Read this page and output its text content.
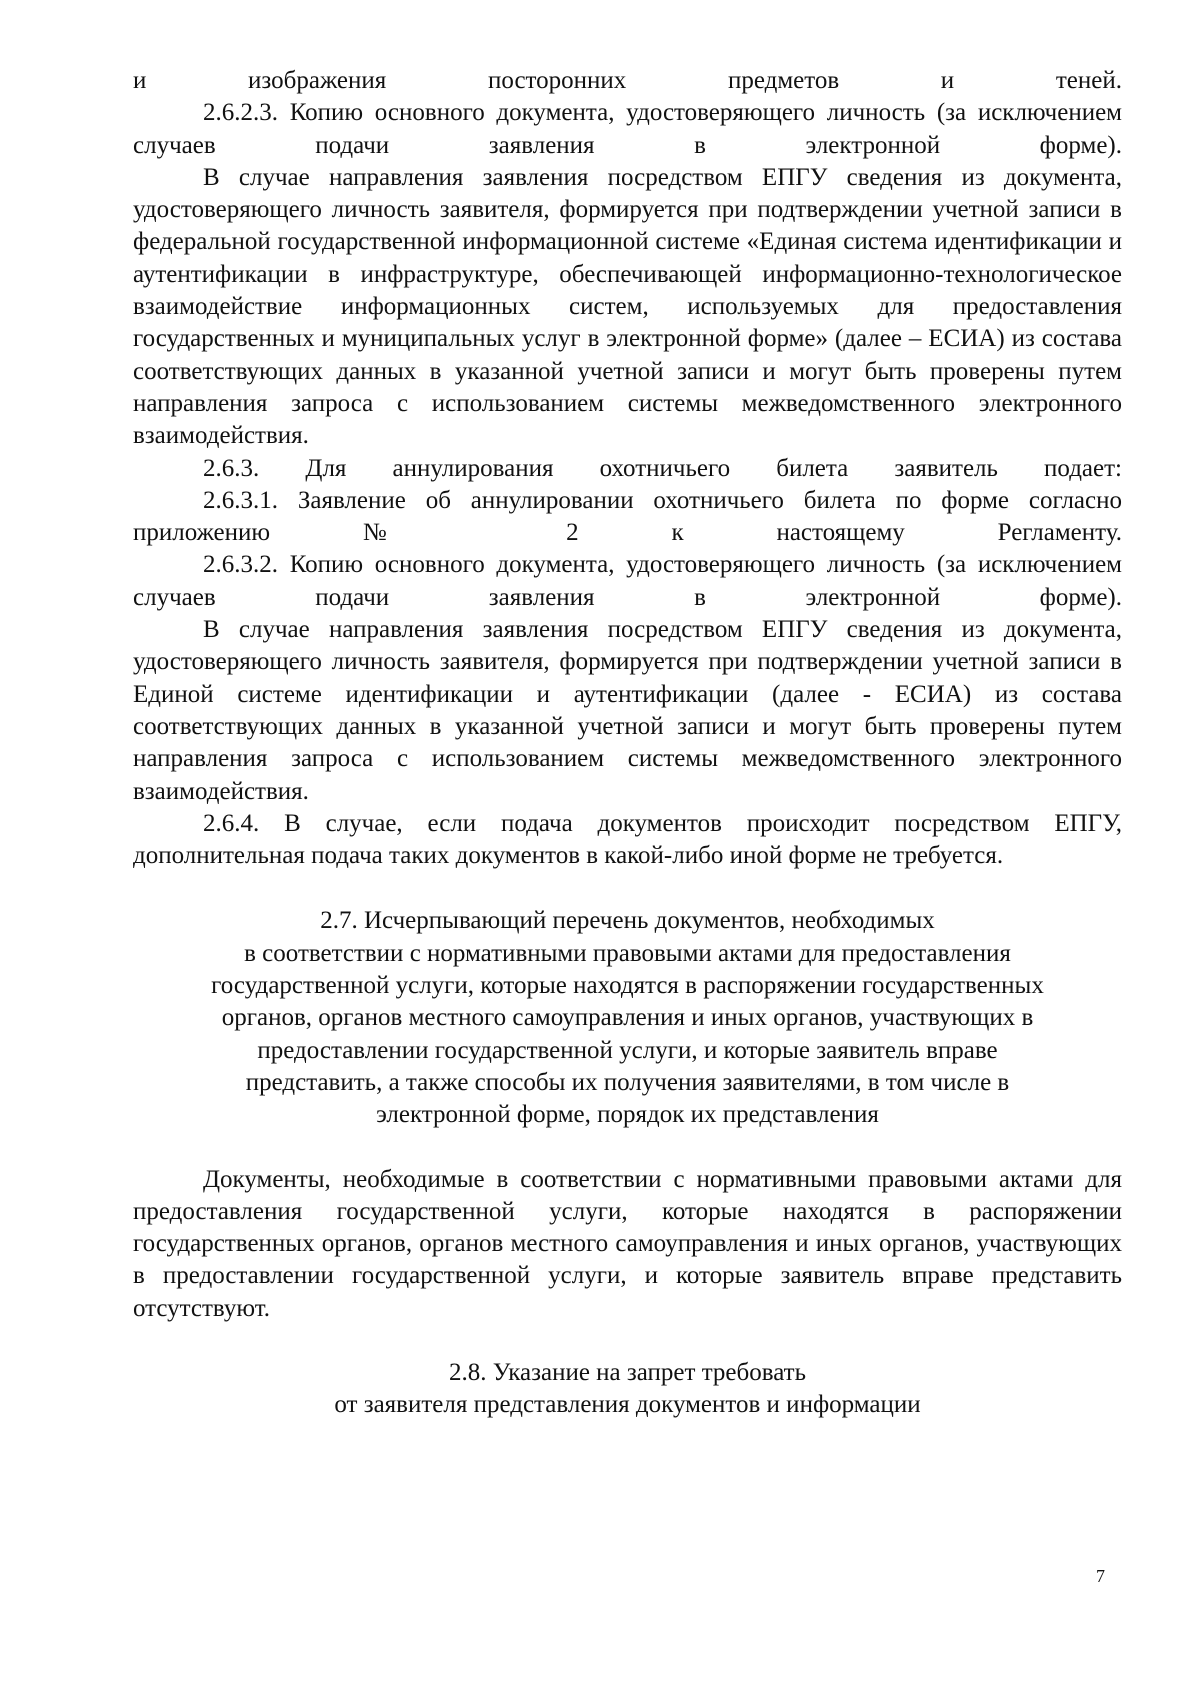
и изображения посторонних предметов и теней.

2.6.2.3. Копию основного документа, удостоверяющего личность (за исключением случаев подачи заявления в электронной форме).

В случае направления заявления посредством ЕПГУ сведения из документа, удостоверяющего личность заявителя, формируется при подтверждении учетной записи в федеральной государственной информационной системе «Единая система идентификации и аутентификации в инфраструктуре, обеспечивающей информационно-технологическое взаимодействие информационных систем, используемых для предоставления государственных и муниципальных услуг в электронной форме» (далее – ЕСИА) из состава соответствующих данных в указанной учетной записи и могут быть проверены путем направления запроса с использованием системы межведомственного электронного взаимодействия.

2.6.3. Для аннулирования охотничьего билета заявитель подает:

2.6.3.1. Заявление об аннулировании охотничьего билета по форме согласно приложению № 2 к настоящему Регламенту.

2.6.3.2. Копию основного документа, удостоверяющего личность (за исключением случаев подачи заявления в электронной форме).

В случае направления заявления посредством ЕПГУ сведения из документа, удостоверяющего личность заявителя, формируется при подтверждении учетной записи в Единой системе идентификации и аутентификации (далее - ЕСИА) из состава соответствующих данных в указанной учетной записи и могут быть проверены путем направления запроса с использованием системы межведомственного электронного взаимодействия.

2.6.4. В случае, если подача документов происходит посредством ЕПГУ, дополнительная подача таких документов в какой-либо иной форме не требуется.

2.7. Исчерпывающий перечень документов, необходимых
в соответствии с нормативными правовыми актами для предоставления
государственной услуги, которые находятся в распоряжении государственных
органов, органов местного самоуправления и иных органов, участвующих в
предоставлении государственной услуги, и которые заявитель вправе
представить, а также способы их получения заявителями, в том числе в
электронной форме, порядок их представления

Документы, необходимые в соответствии с нормативными правовыми актами для предоставления государственной услуги, которые находятся в распоряжении государственных органов, органов местного самоуправления и иных органов, участвующих в предоставлении государственной услуги, и которые заявитель вправе представить отсутствуют.

2.8. Указание на запрет требовать
от заявителя представления документов и информации

7
